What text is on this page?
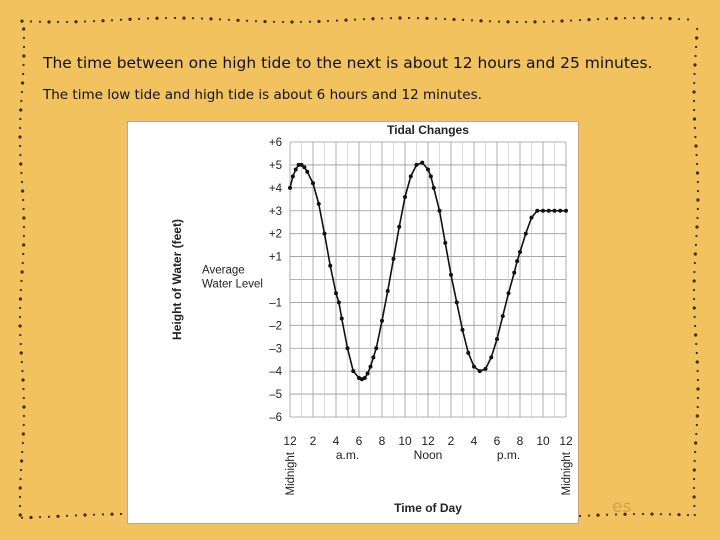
The time between one high tide to the next is about 12 hours and 25 minutes.
The time low tide and high tide is about 6 hours and 12 minutes.
Tidal Changes
+6
+5
+4
+3
+2
+1
Average
Water Level
–1
–2
–3
–4
–5
–6
Height of Water (feet)
12 2 4 6 8 10 12 2 4 6 8 10 12
Midnight	Midnight
a.m.	Noon	p.m.
Time of Day	es
